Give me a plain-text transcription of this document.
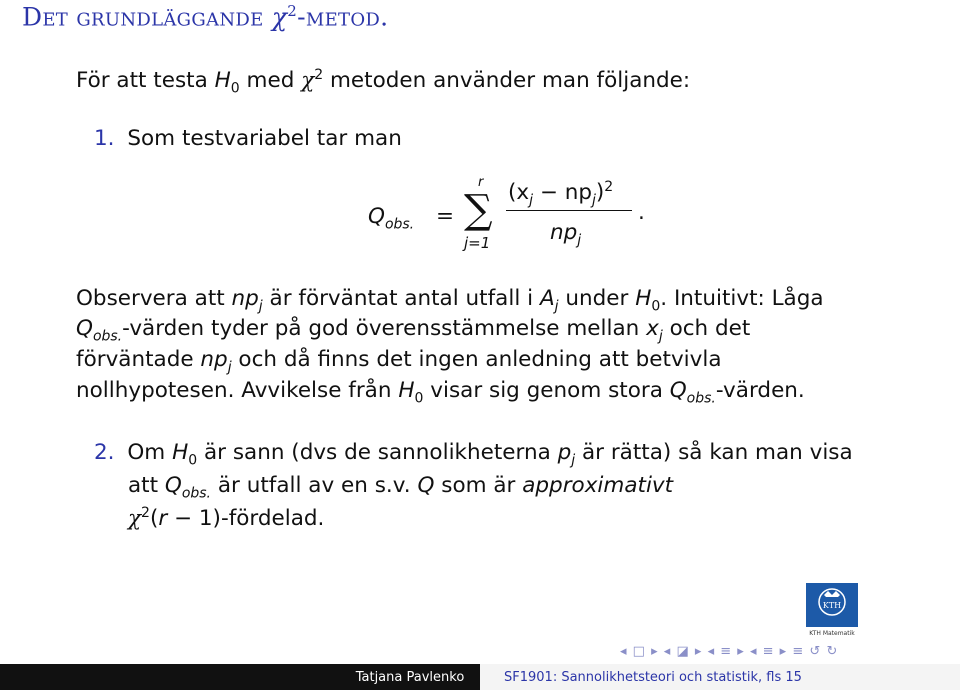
Det grundläggande $\chi^2$-metod.
För att testa $H_0$ med $\chi^2$ metoden använder man följande:
1. Som testvariabel tar man
$Q_{obs.}$ =
r
∑
j=1
$(x_j - np_j)^2$
$np_j$
.
Observera att $np_j$ är förväntat antal utfall i $A_j$ under $H_0$. Intuitivt: Låga
$Q_{obs.}$-värden tyder på god överensstämmelse mellan $x_j$ och det
förväntade $np_j$ och då finns det ingen anledning att betvivla
nollhypotesen. Avvikelse från $H_0$ visar sig genom stora $Q_{obs.}$-värden.
2. Om $H_0$ är sann (dvs de sannolikheterna $p_j$ är rätta) så kan man visa
att $Q_{obs.}$ är utfall av en s.v. Q som är approximativt
$\chi^2(r$ − 1)-fördelad.
KTH
KTH Matematik
◂ □ ▸ ◂ ◪ ▸ ◂ ≡ ▸ ◂ ≡ ▸ ≡ ↺ ↻
Tatjana Pavlenko	SF1901: Sannolikhetsteori och statistik, fls 15
